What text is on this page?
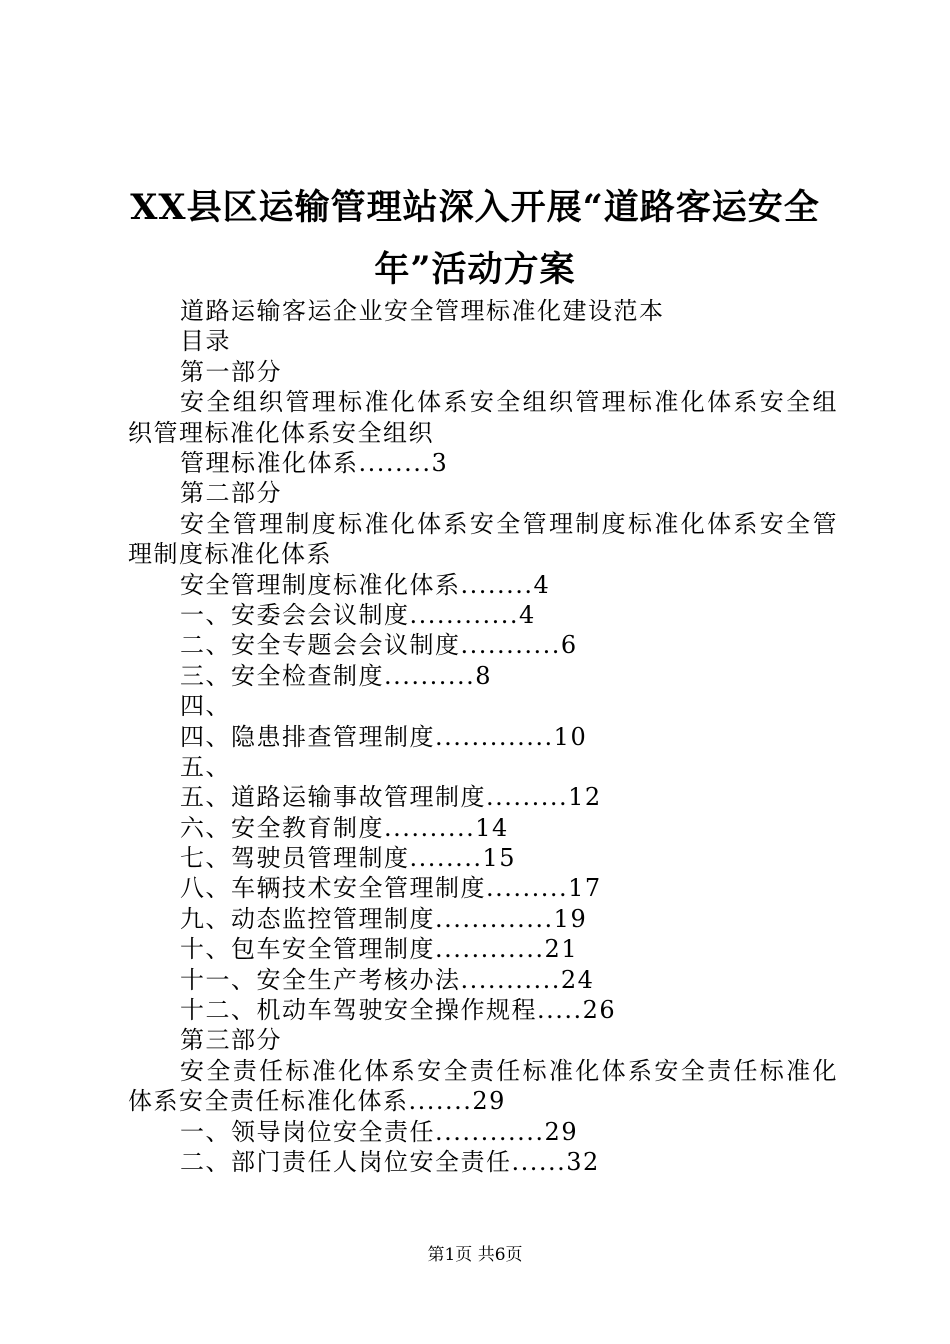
XX县区运输管理站深入开展“道路客运安全
年”活动方案
道路运输客运企业安全管理标准化建设范本
目录
第一部分
安全组织管理标准化体系安全组织管理标准化体系安全组织管理标准化体系安全组织
管理标准化体系........3
第二部分
安全管理制度标准化体系安全管理制度标准化体系安全管理制度标准化体系
安全管理制度标准化体系........4
一、安委会会议制度............4
二、安全专题会会议制度...........6
三、安全检查制度..........8
四、
四、隐患排查管理制度.............10
五、
五、道路运输事故管理制度.........12
六、安全教育制度..........14
七、驾驶员管理制度........15
八、车辆技术安全管理制度.........17
九、动态监控管理制度.............19
十、包车安全管理制度............21
十一、安全生产考核办法...........24
十二、机动车驾驶安全操作规程.....26
第三部分
安全责任标准化体系安全责任标准化体系安全责任标准化体系安全责任标准化体系.......29
一、领导岗位安全责任............29
二、部门责任人岗位安全责任......32
第1页 共6页
